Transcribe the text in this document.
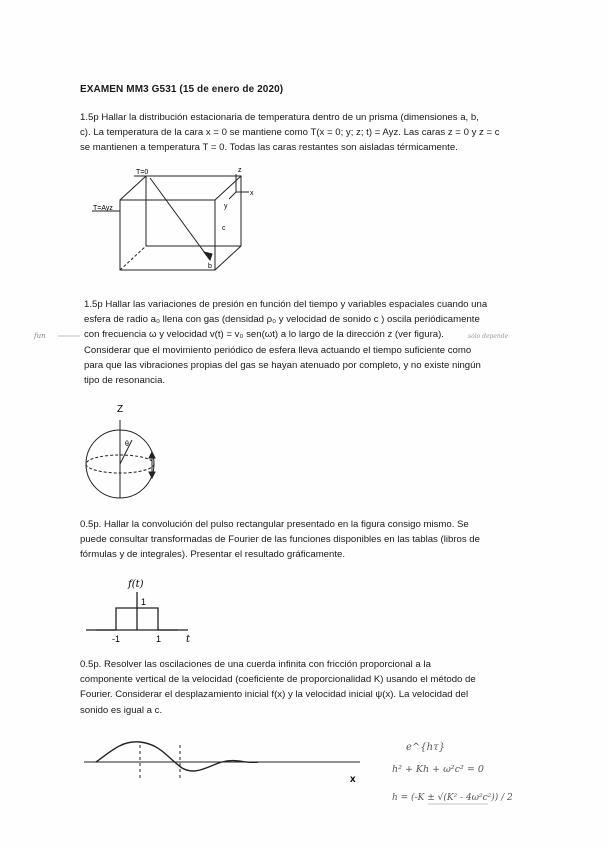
EXAMEN MM3 G531 (15 de enero de 2020)
1.5p Hallar la distribución estacionaria de temperatura dentro de un prisma (dimensiones a, b,
c). La temperatura de la cara x = 0 se mantiene como T(x = 0; y; z; t) = Ayz. Las caras z = 0 y z = c
se mantienen a temperatura T = 0. Todas las caras restantes son aisladas térmicamente.
1.5p Hallar las variaciones de presión en función del tiempo y variables espaciales cuando una
esfera de radio a₀ llena con gas (densidad ρ₀ y velocidad de sonido c ) oscila periódicamente
con frecuencia ω y velocidad v(t) = v₀ sen(ωt) a lo largo de la dirección z (ver figura).
Considerar que el movimiento periódico de esfera lleva actuando el tiempo suficiente como
para que las vibraciones propias del gas se hayan atenuado por completo, y no existe ningún
tipo de resonancia.
0.5p. Hallar la convolución del pulso rectangular presentado en la figura consigo mismo. Se
puede consultar transformadas de Fourier de las funciones disponibles en las tablas (libros de
fórmulas y de integrales). Presentar el resultado gráficamente.
0.5p. Resolver las oscilaciones de una cuerda infinita con fricción proporcional a la
componente vertical de la velocidad (coeficiente de proporcionalidad K) usando el método de
Fourier. Considerar el desplazamiento inicial f(x) y la velocidad inicial ψ(x). La velocidad del
sonido es igual a c.
T=Ayz
T=0
c
b
z
x
y
fun	sólo depende
Z
θ
f(t)
1
-1	1 t
x
e^{hτ}
h² + Kh + ω²c² = 0
h = (-K ± √(K² - 4ω²c²)) / 2
